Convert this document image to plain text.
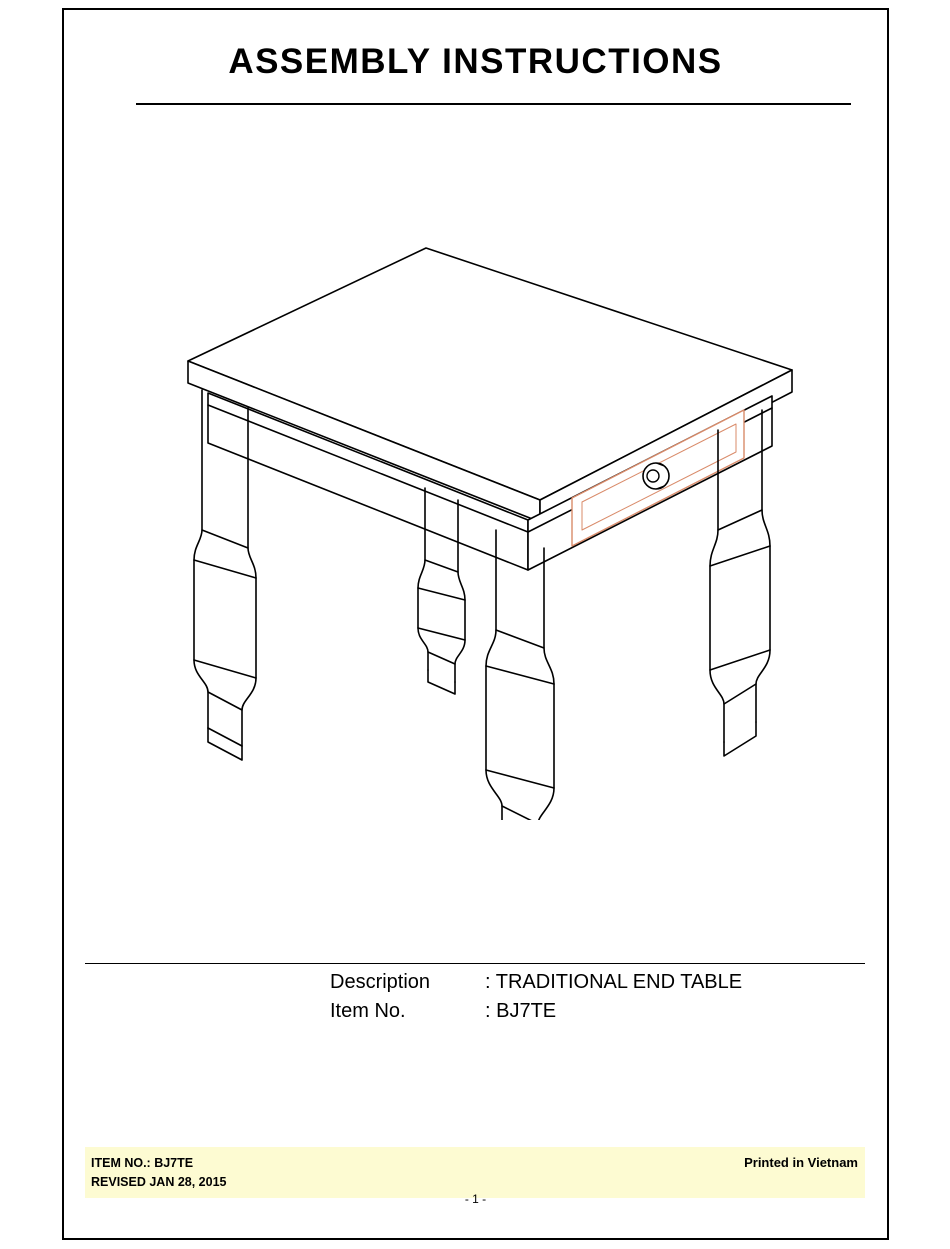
ASSEMBLY INSTRUCTIONS
Description	: TRADITIONAL END TABLE
Item No.	: BJ7TE
ITEM NO.: BJ7TE
REVISED JAN 28, 2015
Printed in Vietnam
- 1 -
